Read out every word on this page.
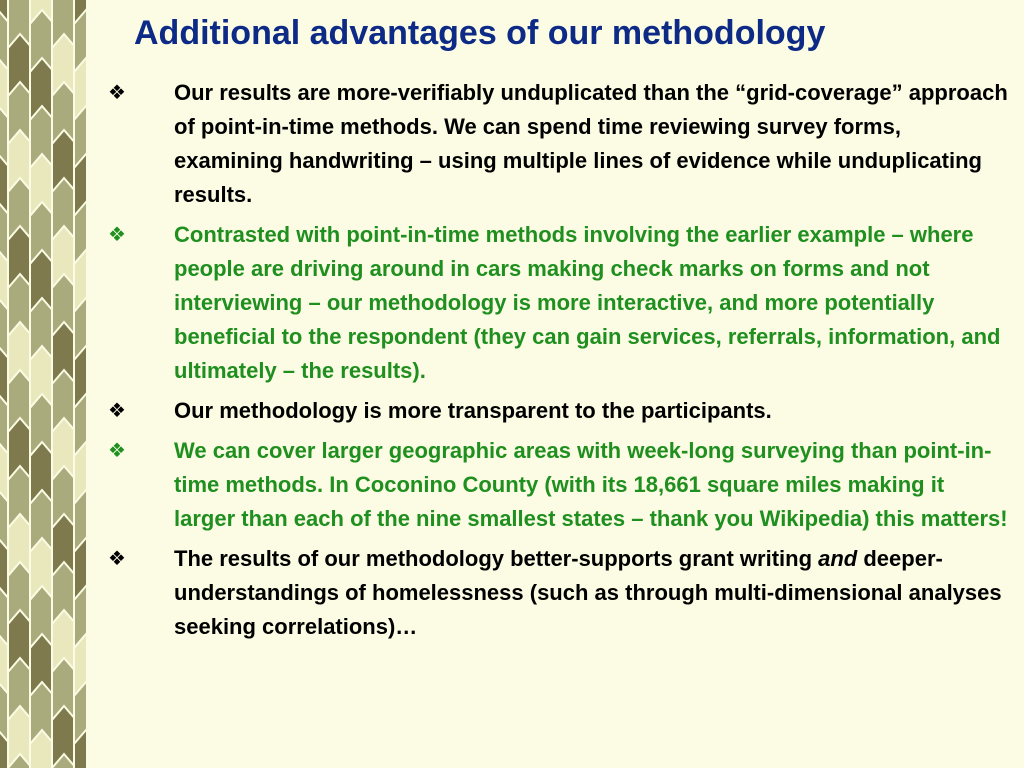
Additional advantages of our methodology
❖ Our results are more-verifiably unduplicated than the “grid-coverage” approach of point-in-time methods. We can spend time reviewing survey forms, examining handwriting – using multiple lines of evidence while unduplicating results.
❖ Contrasted with point-in-time methods involving the earlier example – where people are driving around in cars making check marks on forms and not interviewing – our methodology is more interactive, and more potentially beneficial to the respondent (they can gain services, referrals, information, and ultimately – the results).
❖ Our methodology is more transparent to the participants.
❖ We can cover larger geographic areas with week-long surveying than point-in-time methods. In Coconino County (with its 18,661 square miles making it larger than each of the nine smallest states – thank you Wikipedia) this matters!
❖ The results of our methodology better-supports grant writing and deeper-understandings of homelessness (such as through multi-dimensional analyses seeking correlations)…
